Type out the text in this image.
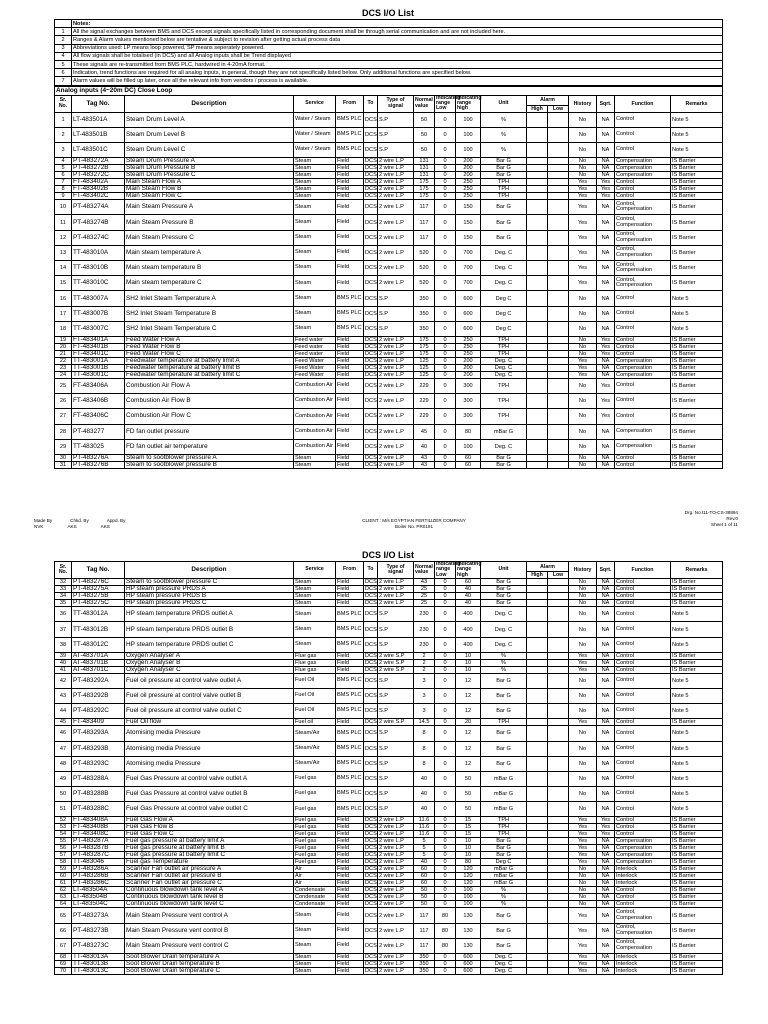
DCS I/O List
	Notes:
1	All the signal exchanges between BMS and DCS except signals specifically listed in corresponding document shall be through serial communication and are not included here.
2	Ranges & Alarm values mentioned below are tentative & subject to revision after getting actual process data
3	Abbreviations used: LP means loop powered, SP means seperately powered.
4	All flow signals shall be totalised (in DCS) and all Analog inputs shall be Trend displayed
5	These signals are re-transmitted from BMS PLC, hardwired in 4-20mA format.
6	Indication, trend functions are required for all analog inputs, in general, though they are not specifically listed below. Only additional functions are specified below.
7	Alarm values will be filled up later, once all the relevant info from vendors / process is available.
Analog inputs (4~20m DC) Close Loop																
Sr. No.	Tag No.	Description	Service	From	To	Type of signal	Normal value	Indicating range Low	Indicating range high	Unit	Alarm		History	Sqrt.	Function	Remarks
											High	Low				
1	LT-483501A	Steam Drum Level A	Water / Steam	BMS PLC	DCS	S.P	50	0	100	%			No	NA	Control	Note 5
2	LT-483501B	Steam Drum Level B	Water / Steam	BMS PLC	DCS	S.P	50	0	100	%			No	NA	Control	Note 5
3	LT-483501C	Steam Drum Level C	Water / Steam	BMS PLC	DCS	S.P	50	0	100	%			No	NA	Control	Note 5
4	PT-483272A	Steam Drum Pressure A	Steam	Field	DCS	2 wire L.P	131	0	200	Bar G			No	NA	Compensation	IS Barrier
5	PT-483272B	Steam Drum Pressure B	Steam	Field	DCS	2 wire L.P	131	0	200	Bar G			No	NA	Compensation	IS Barrier
6	PT-483272C	Steam Drum Pressure C	Steam	Field	DCS	2 wire L.P	131	0	200	Bar G			No	NA	Compensation	IS Barrier
7	FT-483402A	Main Steam Flow A	Steam	Field	DCS	2 wire L.P	175	0	250	TPH			Yes	Yes	Control	IS Barrier
8	FT-483402B	Main Steam Flow B	Steam	Field	DCS	2 wire L.P	175	0	250	TPH			Yes	Yes	Control	IS Barrier
9	FT-483402C	Main Steam Flow C	Steam	Field	DCS	2 wire L.P	175	0	250	TPH			Yes	Yes	Control	IS Barrier
10	PT-483274A	Main Steam Pressure A	Steam	Field	DCS	2 wire L.P	117	0	150	Bar G			Yes	NA	Control, Compensation	IS Barrier
11	PT-483274B	Main Steam Pressure B	Steam	Field	DCS	2 wire L.P	117	0	150	Bar G			Yes	NA	Control, Compensation	IS Barrier
12	PT-483274C	Main Steam Pressure C	Steam	Field	DCS	2 wire L.P	117	0	150	Bar G			Yes	NA	Control, Compensation	IS Barrier
13	TT-483010A	Main steam temperature A	Steam	Field	DCS	2 wire L.P	520	0	700	Deg. C			Yes	NA	Control, Compensation	IS Barrier
14	TT-483010B	Main steam temperature B	Steam	Field	DCS	2 wire L.P	520	0	700	Deg. C			Yes	NA	Control, Compensation	IS Barrier
15	TT-483010C	Main steam temperature C	Steam	Field	DCS	2 wire L.P	520	0	700	Deg. C			Yes	NA	Control, Compensation	IS Barrier
16	TT-483007A	SH2 Inlet Steam Temperature A	Steam	BMS PLC	DCS	S.P	350	0	600	Deg C			No	NA	Control	Note 5
17	TT-483007B	SH2 Inlet Steam Temperature B	Steam	BMS PLC	DCS	S.P	350	0	600	Deg C			No	NA	Control	Note 5
18	TT-483007C	SH2 Inlet Steam Temperature C	Steam	BMS PLC	DCS	S.P	350	0	600	Deg C			No	NA	Control	Note 5
19	FT-483401A	Feed Water Flow A	Feed water	Field	DCS	2 wire L.P	175	0	250	TPH			No	Yes	Control	IS Barrier
20	FT-483401B	Feed Water Flow B	Feed water	Field	DCS	2 wire L.P	175	0	250	TPH			No	Yes	Control	IS Barrier
21	FT-483401C	Feed Water Flow C	Feed water	Field	DCS	2 wire L.P	175	0	250	TPH			No	Yes	Control	IS Barrier
22	TT-483001A	Feedwater temperature at battery limit A	Feed Water	Field	DCS	2 wire L.P	125	0	200	Deg. C			Yes	NA	Compensation	IS Barrier
23	TT-483001B	Feedwater temperature at battery limit B	Feed Water	Field	DCS	2 wire L.P	125	0	200	Deg. C			Yes	NA	Compensation	IS Barrier
24	TT-483001C	Feedwater temperature at battery limit C	Feed Water	Field	DCS	2 wire L.P	125	0	200	Deg. C			Yes	NA	Compensation	IS Barrier
25	FT-483406A	Combustion Air Flow A	Combustion Air	Field	DCS	2 wire L.P	229	0	300	TPH			No	Yes	Control	IS Barrier
26	FT-483406B	Combustion Air Flow B	Combustion Air	Field	DCS	2 wire L.P	229	0	300	TPH			No	Yes	Control	IS Barrier
27	FT-483406C	Combustion Air Flow C	Combustion Air	Field	DCS	2 wire L.P	229	0	300	TPH			No	Yes	Control	IS Barrier
28	PT-483277	FD fan outlet pressure	Combustion Air	Field	DCS	2 wire L.P	45	0	80	mBar G			No	NA	Compensation	IS Barrier
29	TT-483025	FD fan outlet air temperature	Combustion Air	Field	DCS	2 wire L.P	40	0	100	Deg. C			No	NA	Compensation	IS Barrier
30	PT-483276A	Steam to sootblower pressure A	Steam	Field	DCS	2 wire L.P	43	0	60	Bar G			No	NA	Control	IS Barrier
31	PT-483276B	Steam to sootblower pressure B	Steam	Field	DCS	2 wire L.P	43	0	60	Bar G			No	NA	Control	IS Barrier
Made By	Chkd. By	Appd. By
NVK	AKS	AKS
CLIENT : M/s EGYPTIAN FERTILIZER COMPANY
Boiler No. PR0191
Drg. No.I11-TO-CS-38894
Rev.0
Sheet 1 of 11
DCS I/O List
Sr. No.	Tag No.	Description	Service	From	To	Type of signal	Normal value	Indicating range Low	Indicating range high	Unit	Alarm		History	Sqrt.	Function	Remarks
											High	Low				
32	PT-483276C	Steam to sootblower pressure C	Steam	Field	DCS	2 wire L.P	43	0	60	Bar G			No	NA	Control	IS Barrier
33	PT-483275A	HP steam pressure PRDS A	Steam	Field	DCS	2 wire L.P	25	0	40	Bar G			No	NA	Control	IS Barrier
34	PT-483275B	HP steam pressure PRDS B	Steam	Field	DCS	2 wire L.P	25	0	40	Bar G			No	NA	Control	IS Barrier
35	PT-483275C	HP steam pressure PRDS C	Steam	Field	DCS	2 wire L.P	25	0	40	Bar G			No	NA	Control	IS Barrier
36	TT-483012A	HP steam temperature PRDS outlet A	Steam	BMS PLC	DCS	S.P	230	0	400	Deg. C			No	NA	Control	Note 5
37	TT-483012B	HP steam temperature PRDS outlet B	Steam	BMS PLC	DCS	S.P	230	0	400	Deg. C			No	NA	Control	Note 5
38	TT-483012C	HP steam temperature PRDS outlet C	Steam	BMS PLC	DCS	S.P	230	0	400	Deg. C			No	NA	Control	Note 5
39	AT-483701A	Oxygen Analyser A	Flue gas	Field	DCS	2 wire S.P	2	0	10	%			Yes	NA	Control	IS Barrier
40	AT-483701B	Oxygen Analyser B	Flue gas	Field	DCS	2 wire S.P	2	0	10	%			Yes	NA	Control	IS Barrier
41	AT-483701C	Oxygen Analyser C	Flue gas	Field	DCS	2 wire S.P	2	0	10	%			Yes	NA	Control	IS Barrier
42	PT-483292A	Fuel oil pressure at control valve outlet A	Fuel Oil	BMS PLC	DCS	S.P	3	0	12	Bar G			No	NA	Control	Note 5
43	PT-483292B	Fuel oil pressure at control valve outlet B	Fuel Oil	BMS PLC	DCS	S.P	3	0	12	Bar G			No	NA	Control	Note 5
44	PT-483292C	Fuel oil pressure at control valve outlet C	Fuel Oil	BMS PLC	DCS	S.P	3	0	12	Bar G			No	NA	Control	Note 5
45	FT-483409	Fuel Oil flow	Fuel oil	Field	DCS	2 wire S.P	14.5	0	20	TPH			Yes	NA	Control	IS Barrier
46	PT-483293A	Atomising media Pressure	Steam/Air	BMS PLC	DCS	S.P	8	0	12	Bar G			No	NA	Control	Note 5
47	PT-483293B	Atomising media Pressure	Steam/Air	BMS PLC	DCS	S.P	8	0	12	Bar G			No	NA	Control	Note 5
48	PT-483293C	Atomising media Pressure	Steam/Air	BMS PLC	DCS	S.P	8	0	12	Bar G			No	NA	Control	Note 5
49	PT-483288A	Fuel Gas Pressure at control valve outlet A	Fuel gas	BMS PLC	DCS	S.P	40	0	50	mBar G			No	NA	Control	Note 5
50	PT-483288B	Fuel Gas Pressure at control valve outlet B	Fuel gas	BMS PLC	DCS	S.P	40	0	50	mBar G			No	NA	Control	Note 5
51	PT-483288C	Fuel Gas Pressure at control valve outlet C	Fuel gas	BMS PLC	DCS	S.P	40	0	50	mBar G			No	NA	Control	Note 5
52	FT-483408A	Fuel Gas Flow A	Fuel gas	Field	DCS	2 wire L.P	11.6	0	15	TPH			Yes	Yes	Control	IS Barrier
53	FT-483408B	Fuel Gas Flow B	Fuel gas	Field	DCS	2 wire L.P	11.6	0	15	TPH			Yes	Yes	Control	IS Barrier
54	FT-483408C	Fuel Gas Flow C	Fuel gas	Field	DCS	2 wire L.P	11.6	0	15	TPH			Yes	Yes	Control	IS Barrier
55	PT-483287A	Fuel gas pressure at battery limit A	Fuel gas	Field	DCS	2 wire L.P	5	0	10	Bar G			Yes	NA	Compensation	IS Barrier
56	PT-483287B	Fuel gas pressure at battery limit B	Fuel gas	Field	DCS	2 wire L.P	5	0	10	Bar G			Yes	NA	Compensation	IS Barrier
57	PT-483287C	Fuel gas pressure at battery limit C	Fuel gas	Field	DCS	2 wire L.P	5	0	10	Bar G			Yes	NA	Compensation	IS Barrier
58	TT-483046	Fuel gas Temperature	Fuel gas	Field	DCS	2 wire L.P	40	0	80	Deg C			Yes	NA	Compensation	IS Barrier
59	PT-483286A	Scanner Fan outlet air pressure A	Air	Field	DCS	2 wire L.P	60	0	120	mBar G			No	NA	Interlock	IS Barrier
60	PT-483286B	Scanner Fan outlet air pressure B	Air	Field	DCS	2 wire L.P	60	0	120	mBar G			No	NA	Interlock	IS Barrier
61	PT-483286C	Scanner Fan outlet air pressure C	Air	Field	DCS	2 wire L.P	60	0	120	mBar G			No	NA	Interlock	IS Barrier
62	LT-483504A	Continuous blowdown tank level A	Condensate	Field	DCS	2 wire L.P	50	0	100	%			No	NA	Control	IS Barrier
63	LT-483504B	Continuous blowdown tank level B	Condensate	Field	DCS	2 wire L.P	50	0	100	%			No	NA	Control	IS Barrier
64	LT-483504C	Continuous blowdown tank level C	Condensate	Field	DCS	2 wire L.P	50	0	100	%			No	NA	Control	IS Barrier
65	PT-483273A	Main Steam Pressure vent control A	Steam	Field	DCS	2 wire L.P	117	80	130	Bar G			Yes	NA	Control, Compensation	IS Barrier
66	PT-483273B	Main Steam Pressure vent control B	Steam	Field	DCS	2 wire L.P	117	80	130	Bar G			Yes	NA	Control, Compensation	IS Barrier
67	PT-483273C	Main Steam Pressure vent control C	Steam	Field	DCS	2 wire L.P	117	80	130	Bar G			Yes	NA	Control, Compensation	IS Barrier
68	TT-483013A	Soot Blower Drain temperature A	Steam	Field	DCS	2 wire L.P	350	0	600	Deg. C			Yes	NA	Interlock	IS Barrier
69	TT-483013B	Soot Blower Drain temperature B	Steam	Field	DCS	2 wire L.P	350	0	600	Deg. C			Yes	NA	Interlock	IS Barrier
70	TT-483013C	Soot Blower Drain temperature C	Steam	Field	DCS	2 wire L.P	350	0	600	Deg. C			Yes	NA	Interlock	IS Barrier
